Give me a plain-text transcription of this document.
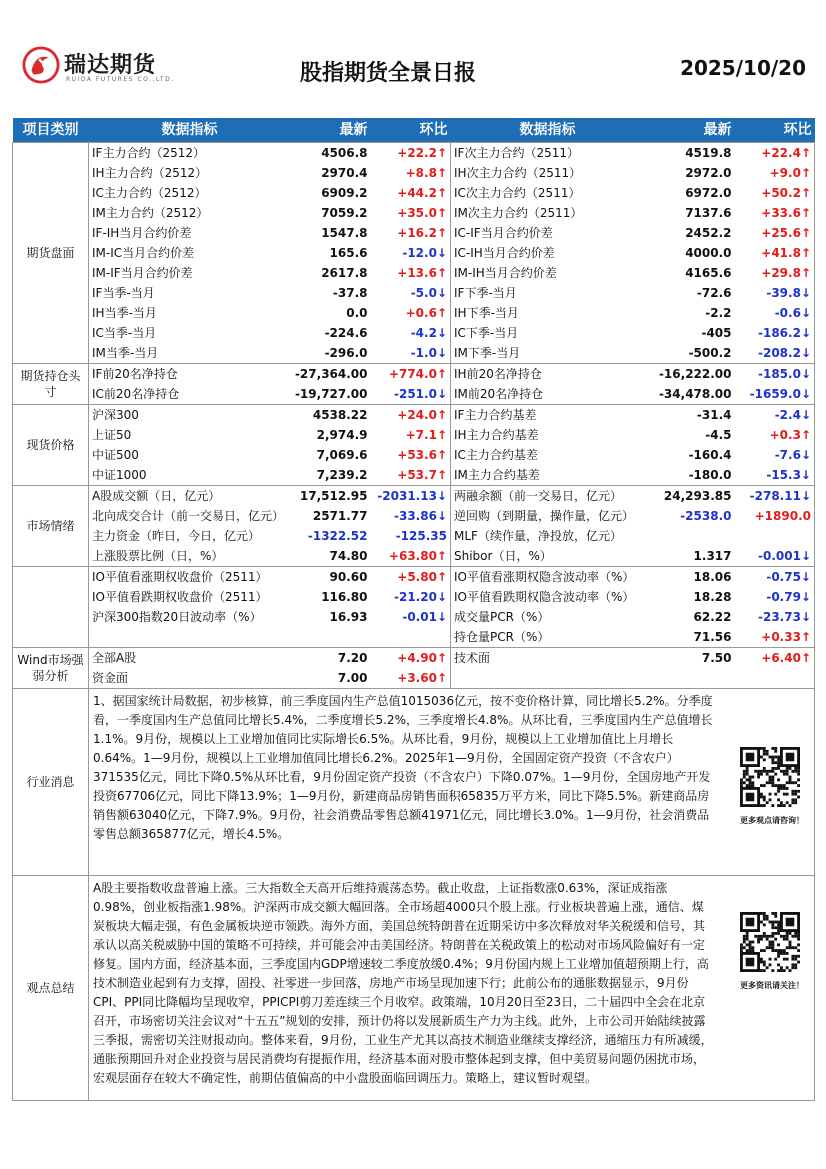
瑞达期货
RUIDA FUTURES CO.,LTD.	股指期货全景日报	2025/10/20
项目类别	数据指标	最新	环比	数据指标	最新	环比
期货盘面	IF主力合约（2512）	4506.8	+22.2↑	IF次主力合约（2511）	4519.8	+22.4↑
	IH主力合约（2512）	2970.4	+8.8↑	IH次主力合约（2511）	2972.0	+9.0↑
	IC主力合约（2512）	6909.2	+44.2↑	IC次主力合约（2511）	6972.0	+50.2↑
	IM主力合约（2512）	7059.2	+35.0↑	IM次主力合约（2511）	7137.6	+33.6↑
	IF-IH当月合约价差	1547.8	+16.2↑	IC-IF当月合约价差	2452.2	+25.6↑
	IM-IC当月合约价差	165.6	-12.0↓	IC-IH当月合约价差	4000.0	+41.8↑
	IM-IF当月合约价差	2617.8	+13.6↑	IM-IH当月合约价差	4165.6	+29.8↑
	IF当季-当月	-37.8	-5.0↓	IF下季-当月	-72.6	-39.8↓
	IH当季-当月	0.0	+0.6↑	IH下季-当月	-2.2	-0.6↓
	IC当季-当月	-224.6	-4.2↓	IC下季-当月	-405	-186.2↓
	IM当季-当月	-296.0	-1.0↓	IM下季-当月	-500.2	-208.2↓
期货持仓头寸	IF前20名净持仓	-27,364.00	+774.0↑	IH前20名净持仓	-16,222.00	-185.0↓
	IC前20名净持仓	-19,727.00	-251.0↓	IM前20名净持仓	-34,478.00	-1659.0↓
现货价格	沪深300	4538.22	+24.0↑	IF主力合约基差	-31.4	-2.4↓
	上证50	2,974.9	+7.1↑	IH主力合约基差	-4.5	+0.3↑
	中证500	7,069.6	+53.6↑	IC主力合约基差	-160.4	-7.6↓
	中证1000	7,239.2	+53.7↑	IM主力合约基差	-180.0	-15.3↓
市场情绪	A股成交额（日，亿元）	17,512.95	-2031.13↓	两融余额（前一交易日，亿元）	24,293.85	-278.11↓
	北向成交合计（前一交易日，亿元）	2571.77	-33.86↓	逆回购（到期量，操作量，亿元）	-2538.0	+1890.0
	主力资金（昨日，今日，亿元）	-1322.52	-125.35	MLF（续作量，净投放，亿元）		
	上涨股票比例（日，%）	74.80	+63.80↑	Shibor（日，%）	1.317	-0.001↓
	IO平值看涨期权收盘价（2511）	90.60	+5.80↑	IO平值看涨期权隐含波动率（%）	18.06	-0.75↓
	IO平值看跌期权收盘价（2511）	116.80	-21.20↓	IO平值看跌期权隐含波动率（%）	18.28	-0.79↓
	沪深300指数20日波动率（%）	16.93	-0.01↓	成交量PCR（%）	62.22	-23.73↓
				持仓量PCR（%）	71.56	+0.33↑
Wind市场强弱分析	全部A股	7.20	+4.90↑	技术面	7.50	+6.40↑
	资金面	7.00	+3.60↑			
行业消息	1、据国家统计局数据，初步核算，前三季度国内生产总值1015036亿元，按不变价格计算，同比增长5.2%。分季度看，一季度国内生产总值同比增长5.4%，二季度增长5.2%，三季度增长4.8%。从环比看，三季度国内生产总值增长1.1%。9月份，规模以上工业增加值同比实际增长6.5%。从环比看，9月份，规模以上工业增加值比上月增长0.64%。1—9月份，规模以上工业增加值同比增长6.2%。2025年1—9月份，全国固定资产投资（不含农户）371535亿元，同比下降0.5%从环比看，9月份固定资产投资（不含农户）下降0.07%。1—9月份，全国房地产开发投资67706亿元，同比下降13.9%；1—9月份，新建商品房销售面积65835万平方米，同比下降5.5%。新建商品房销售额63040亿元，下降7.9%。9月份，社会消费品零售总额41971亿元，同比增长3.0%。1—9月份，社会消费品零售总额365877亿元，增长4.5%。
更多观点请咨询！					

观点总结	A股主要指数收盘普遍上涨。三大指数全天高开后维持震荡态势。截止收盘，上证指数涨0.63%，深证成指涨0.98%，创业板指涨1.98%。沪深两市成交额大幅回落。全市场超4000只个股上涨。行业板块普遍上涨，通信、煤炭板块大幅走强，有色金属板块逆市领跌。海外方面，美国总统特朗普在近期采访中多次释放对华关税缓和信号，其承认以高关税威胁中国的策略不可持续，并可能会冲击美国经济。特朗普在关税政策上的松动对市场风险偏好有一定修复。国内方面，经济基本面，三季度国内GDP增速较二季度放缓0.4%；9月份国内规上工业增加值超预期上行，高技术制造业起到有力支撑，固投、社零进一步回落，房地产市场呈现加速下行；此前公布的通胀数据显示，9月份CPI、PPI同比降幅均呈现收窄，PPICPI剪刀差连续三个月收窄。政策端，10月20日至23日，二十届四中全会在北京召开，市场密切关注会议对“十五五”规划的安排，预计仍将以发展新质生产力为主线。此外，上市公司开始陆续披露三季报，需密切关注财报动向。整体来看，9月份，工业生产尤其以高技术制造业继续支撑经济，通缩压力有所减缓，通胀预期回升对企业投资与居民消费均有提振作用，经济基本面对股市整体起到支撑，但中美贸易问题仍困扰市场，宏观层面存在较大不确定性，前期估值偏高的中小盘股面临回调压力。策略上，建议暂时观望。
更多资讯请关注！					
